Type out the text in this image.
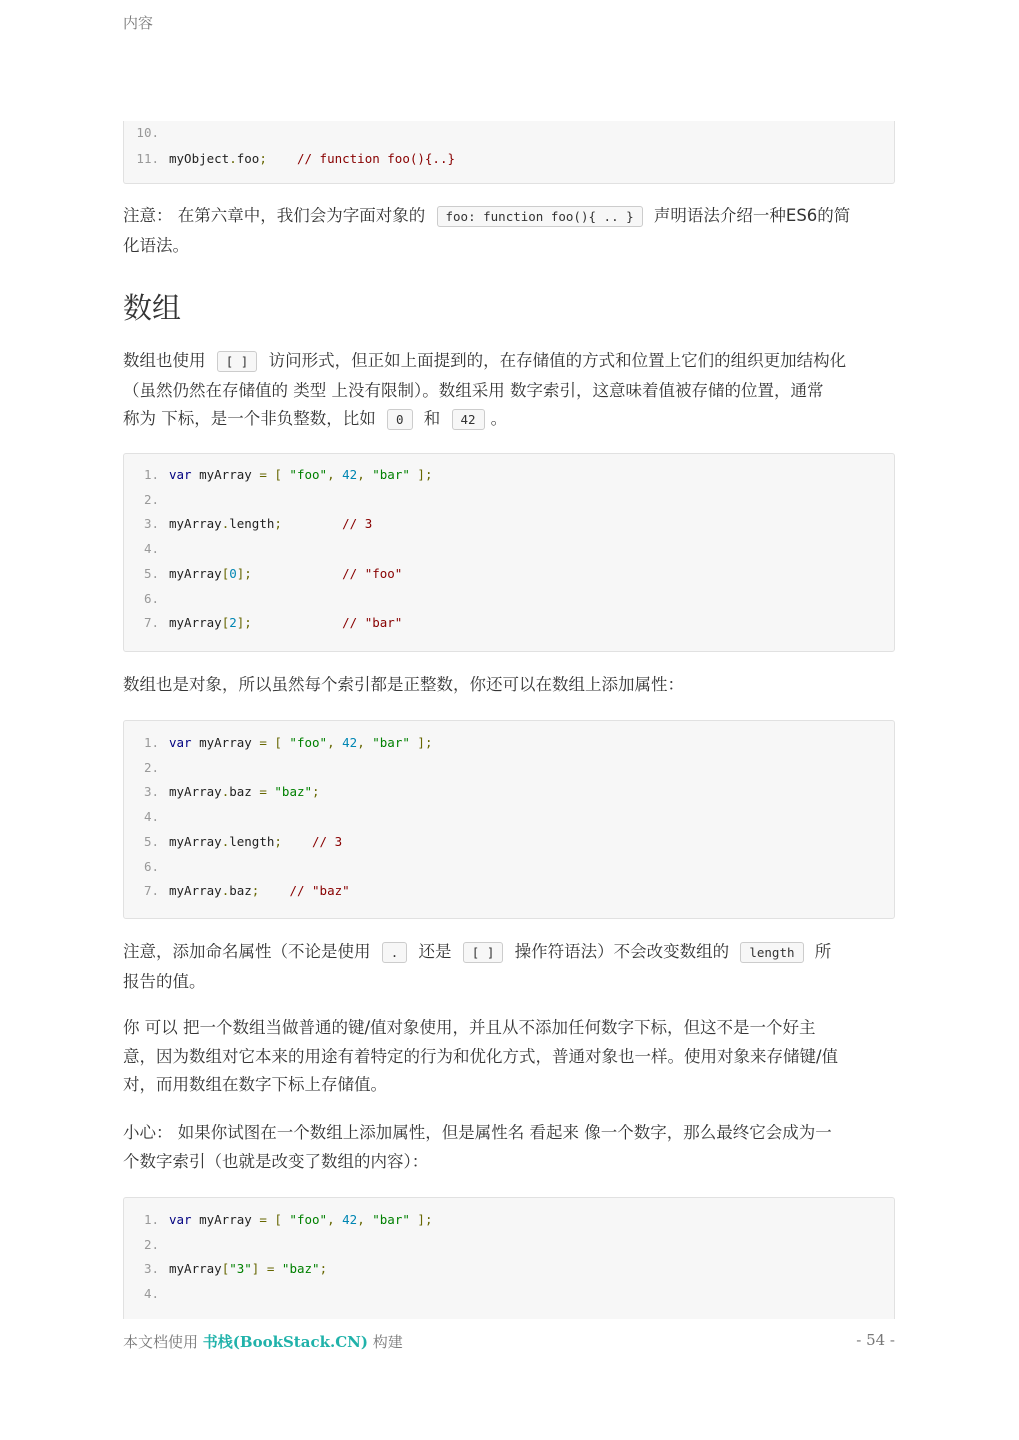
内容
10.
11. myObject.foo; // function foo(){..}
注意： 在第六章中，我们会为字面对象的 foo: function foo(){ .. } 声明语法介绍一种ES6的简
化语法。
数组
数组也使用 [ ] 访问形式，但正如上面提到的，在存储值的方式和位置上它们的组织更加结构化
（虽然仍然在存储值的 类型 上没有限制）。数组采用 数字索引，这意味着值被存储的位置，通常
称为 下标，是一个非负整数，比如 0 和 42 。
1. var myArray = [ "foo", 42, "bar" ];
2.
3. myArray.length;	// 3
4.
5. myArray[0];	// "foo"
6.
7. myArray[2];	// "bar"
数组也是对象，所以虽然每个索引都是正整数，你还可以在数组上添加属性：
1. var myArray = [ "foo", 42, "bar" ];
2.
3. myArray.baz = "baz";
4.
5. myArray.length; // 3
6.
7. myArray.baz; // "baz"
注意，添加命名属性（不论是使用 . 还是 [ ] 操作符语法）不会改变数组的 length 所
报告的值。
你 可以 把一个数组当做普通的键/值对象使用，并且从不添加任何数字下标，但这不是一个好主
意，因为数组对它本来的用途有着特定的行为和优化方式，普通对象也一样。使用对象来存储键/值
对，而用数组在数字下标上存储值。
小心： 如果你试图在一个数组上添加属性，但是属性名 看起来 像一个数字，那么最终它会成为一
个数字索引（也就是改变了数组的内容）：
1. var myArray = [ "foo", 42, "bar" ];
2.
3. myArray["3"] = "baz";
4.
本文档使用 书栈(BookStack.CN) 构建	- 54 -
